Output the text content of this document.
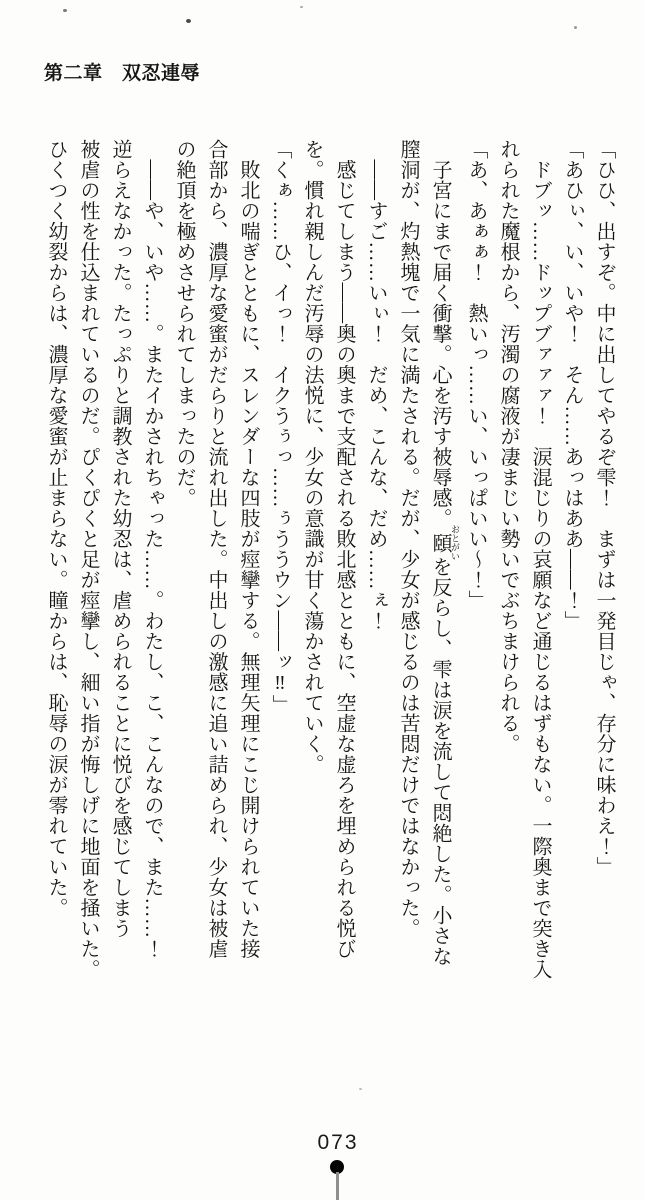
第二章　双忍連辱
「ひひ、出すぞ。中に出してやるぞ雫！　まずは一発目じゃ、存分に味わえ！」
「あひぃ、い、いや！　そん……あっはああ――！」
　ドブッ……ドップブァァァ！　涙混じりの哀願など通じるはずもない。一際奥まで突き入
れられた魔根から、汚濁の腐液が凄まじい勢いでぶちまけられる。
「あ、あぁぁ！　熱いっ……い、いっぱいい～！」
　子宮にまで届く衝撃。心を汚す被辱感。頤 おとがいを反らし、雫は涙を流して悶絶した。小さな
膣洞が、灼熱塊で一気に満たされる。だが、少女が感じるのは苦悶だけではなかった。
　――すご……いぃ！　だめ、こんな、だめ……ぇ！
　感じてしまう――奥の奥まで支配される敗北感とともに、空虚な虚ろを埋められる悦び
を。慣れ親しんだ汚辱の法悦に、少女の意識が甘く蕩かされていく。
「くぁ……ひ、イっ！　イクうぅっ……ぅううウン――ッ‼」
　敗北の喘ぎとともに、スレンダーな四肢が痙攣する。無理矢理にこじ開けられていた接
合部から、濃厚な愛蜜がだらりと流れ出した。中出しの激感に追い詰められ、少女は被虐
の絶頂を極めさせられてしまったのだ。
　――や、いや……。またイかされちゃった……。わたし、こ、こんなので、また……！
逆らえなかった。たっぷりと調教された幼忍は、虐められることに悦びを感じてしまう
被虐の性を仕込まれているのだ。ぴくぴくと足が痙攣し、細い指が悔しげに地面を掻いた。
ひくつく幼裂からは、濃厚な愛蜜が止まらない。瞳からは、恥辱の涙が零れていた。
073
